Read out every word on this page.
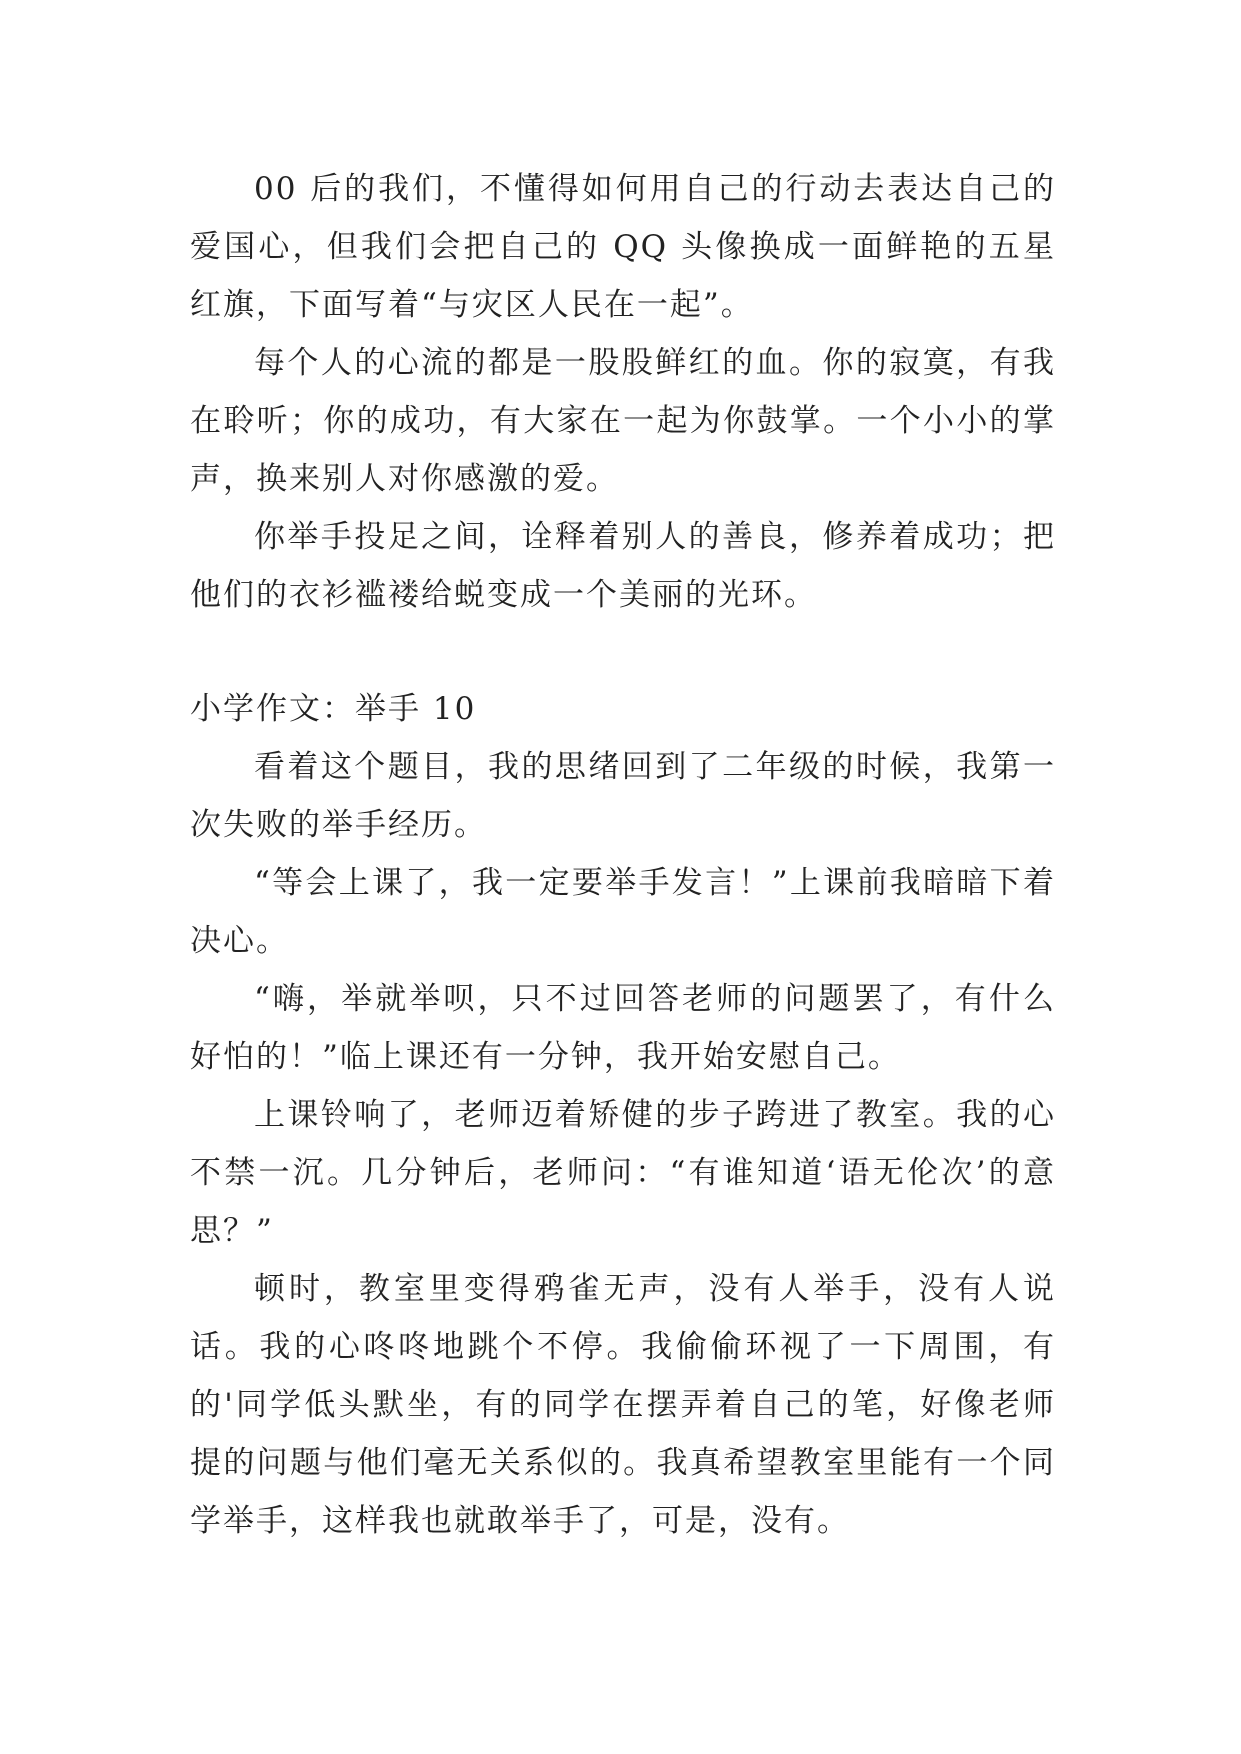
00 后的我们，不懂得如何用自己的行动去表达自己的爱国心，但我们会把自己的 QQ 头像换成一面鲜艳的五星红旗，下面写着“与灾区人民在一起”。

每个人的心流的都是一股股鲜红的血。你的寂寞，有我在聆听；你的成功，有大家在一起为你鼓掌。一个小小的掌声，换来别人对你感激的爱。

你举手投足之间，诠释着别人的善良，修养着成功；把他们的衣衫褴褛给蜕变成一个美丽的光环。

小学作文：举手 10

看着这个题目，我的思绪回到了二年级的时候，我第一次失败的举手经历。

“等会上课了，我一定要举手发言！”上课前我暗暗下着决心。

“嗨，举就举呗，只不过回答老师的问题罢了，有什么好怕的！”临上课还有一分钟，我开始安慰自己。

上课铃响了，老师迈着矫健的步子跨进了教室。我的心不禁一沉。几分钟后，老师问：“有谁知道‘语无伦次’的意思？”

顿时，教室里变得鸦雀无声，没有人举手，没有人说话。我的心咚咚地跳个不停。我偷偷环视了一下周围，有的'同学低头默坐，有的同学在摆弄着自己的笔，好像老师提的问题与他们毫无关系似的。我真希望教室里能有一个同学举手，这样我也就敢举手了，可是，没有。
